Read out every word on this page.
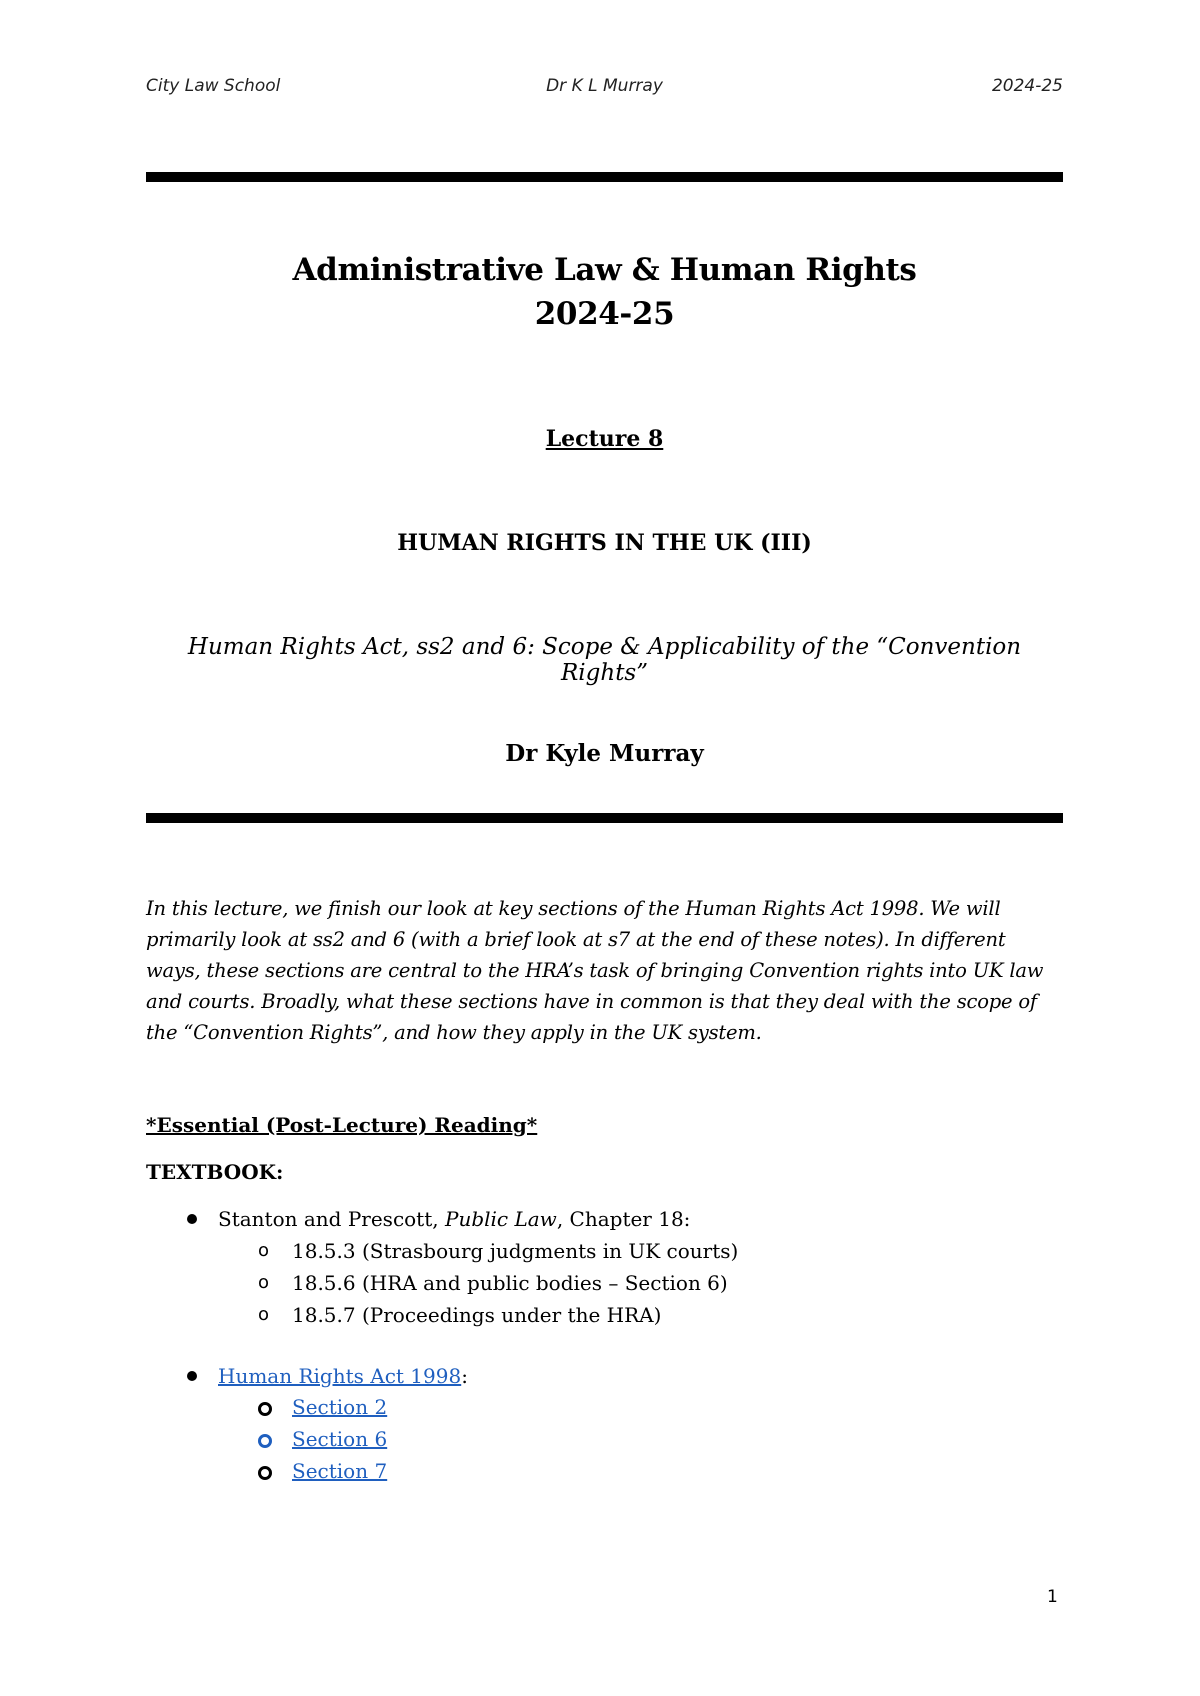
City Law School	Dr K L Murray	2024-25
Administrative Law & Human Rights
2024-25
Lecture 8
HUMAN RIGHTS IN THE UK (III)
Human Rights Act, ss2 and 6: Scope & Applicability of the “Convention Rights”
Dr Kyle Murray
In this lecture, we finish our look at key sections of the Human Rights Act 1998. We will primarily look at ss2 and 6 (with a brief look at s7 at the end of these notes). In different ways, these sections are central to the HRA’s task of bringing Convention rights into UK law and courts. Broadly, what these sections have in common is that they deal with the scope of the “Convention Rights”, and how they apply in the UK system.
*Essential (Post-Lecture) Reading*
TEXTBOOK:
Stanton and Prescott, Public Law, Chapter 18:
o 18.5.3 (Strasbourg judgments in UK courts)
o 18.5.6 (HRA and public bodies – Section 6)
o 18.5.7 (Proceedings under the HRA)
Human Rights Act 1998:
Section 2
Section 6
Section 7
1
